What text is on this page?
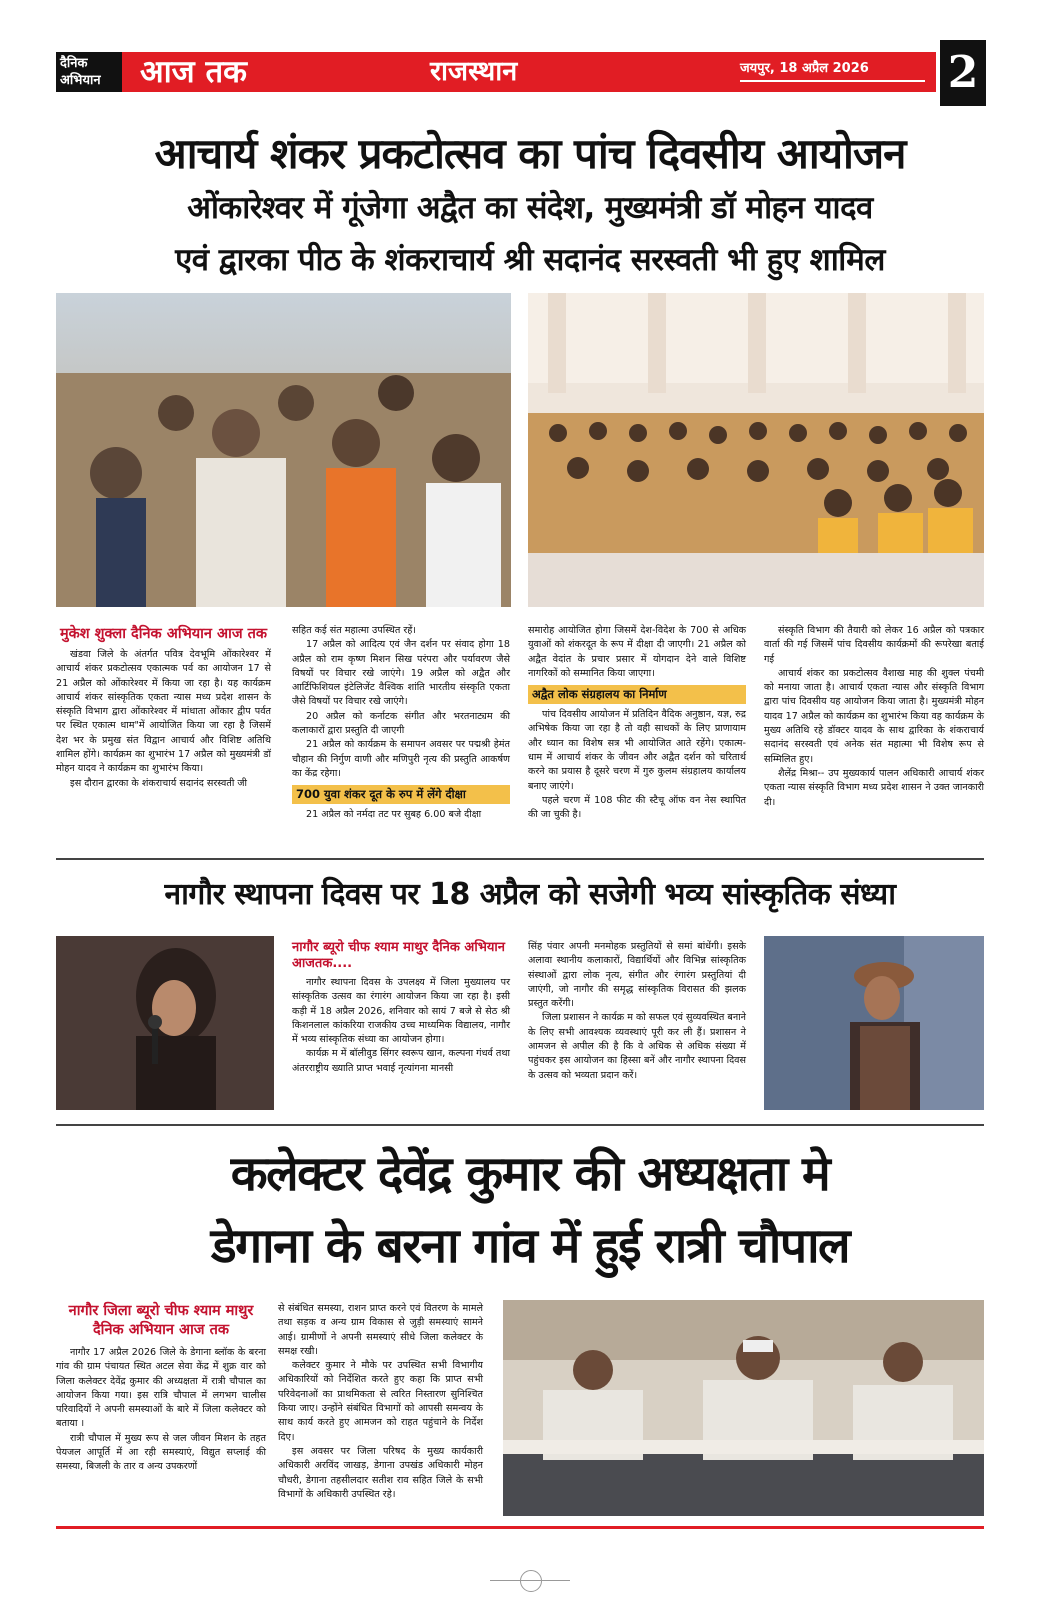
दैनिक
अभियान	आज तक	राजस्थान	जयपुर, 18 अप्रैल 2026 2
आचार्य शंकर प्रकटोत्सव का पांच दिवसीय आयोजन
ओंकारेश्वर में गूंजेगा अद्वैत का संदेश, मुख्यमंत्री डॉ मोहन यादव
एवं द्वारका पीठ के शंकराचार्य श्री सदानंद सरस्वती भी हुए शामिल
मुकेश शुक्ला दैनिक अभियान आज तक

खंडवा जिले के अंतर्गत पवित्र देवभूमि ओंकारेश्वर में आचार्य शंकर प्रकटोत्सव एकात्मक पर्व का आयोजन 17 से 21 अप्रैल को ओंकारेश्वर में किया जा रहा है। यह कार्यक्रम आचार्य शंकर सांस्कृतिक एकता न्यास मध्य प्रदेश शासन के संस्कृति विभाग द्वारा ओंकारेश्वर में मांधाता ओंकार द्वीप पर्वत पर स्थित एकात्म धाम"में आयोजित किया जा रहा है जिसमें देश भर के प्रमुख संत विद्वान आचार्य और विशिष्ट अतिथि शामिल होंगे। कार्यक्रम का शुभारंभ 17 अप्रैल को मुख्यमंत्री डॉ मोहन यादव ने कार्यक्रम का शुभारंभ किया।

इस दौरान द्वारका के शंकराचार्य सदानंद सरस्वती जी

सहित कई संत महात्मा उपस्थित रहें।

17 अप्रैल को आदित्य एवं जैन दर्शन पर संवाद होगा 18 अप्रैल को राम कृष्ण मिशन सिख परंपरा और पर्यावरण जैसे विषयों पर विचार रखे जाएंगे। 19 अप्रैल को अद्वैत और आर्टिफिशियल इंटेलिजेंट वैश्विक शांति भारतीय संस्कृति एकता जैसे विषयों पर विचार रखे जाएंगे।

20 अप्रैल को कर्नाटक संगीत और भरतनाट्यम की कलाकारों द्वारा प्रस्तुति दी जाएगी

21 अप्रैल को कार्यक्रम के समापन अवसर पर पद्मश्री हेमंत चौहान की निर्गुण वाणी और मणिपुरी नृत्य की प्रस्तुति आकर्षण का केंद्र रहेगा।

700 युवा शंकर दूत के रुप में लेंगे दीक्षा

21 अप्रैल को नर्मदा तट पर सुबह 6.00 बजे दीक्षा

समारोह आयोजित होगा जिसमें देश-विदेश के 700 से अधिक युवाओं को शंकरदूत के रूप में दीक्षा दी जाएगी। 21 अप्रैल को अद्वैत वेदांत के प्रचार प्रसार में योगदान देने वाले विशिष्ट नागरिकों को सम्मानित किया जाएगा।

अद्वैत लोक संग्रहालय का निर्माण

पांच दिवसीय आयोजन में प्रतिदिन वैदिक अनुष्ठान, यज्ञ, रुद्र अभिषेक किया जा रहा है तो वही साधकों के लिए प्राणायाम और ध्यान का विशेष सत्र भी आयोजित आते रहेंगे। एकात्म- धाम में आचार्य शंकर के जीवन और अद्वैत दर्शन को चरितार्थ करने का प्रयास है दूसरे चरण में गुरु कुलम संग्रहालय कार्यालय बनाए जाएंगे।

पहले चरण में 108 फीट की स्टैचू ऑफ वन नेस स्थापित की जा चुकी है।

संस्कृति विभाग की तैयारी को लेकर 16 अप्रैल को पत्रकार वार्ता की गई जिसमें पांच दिवसीय कार्यक्रमों की रूपरेखा बताई गई

आचार्य शंकर का प्रकटोत्सव वैशाख माह की शुक्ल पंचमी को मनाया जाता है। आचार्य एकता न्यास और संस्कृति विभाग द्वारा पांच दिवसीय यह आयोजन किया जाता है। मुख्यमंत्री मोहन यादव 17 अप्रैल को कार्यक्रम का शुभारंभ किया वह कार्यक्रम के मुख्य अतिथि रहे डॉक्टर यादव के साथ द्वारिका के शंकराचार्य सदानंद सरस्वती एवं अनेक संत महात्मा भी विशेष रूप से सम्मिलित हुए।

शैलेंद्र मिश्रा-- उप मुख्यकार्य पालन अधिकारी आचार्य शंकर एकता न्यास संस्कृति विभाग मध्य प्रदेश शासन ने उक्त जानकारी दी।

नागौर स्थापना दिवस पर 18 अप्रैल को सजेगी भव्य सांस्कृतिक संध्या
नागौर ब्यूरो चीफ श्याम माथुर दैनिक अभियान आजतक....

नागौर स्थापना दिवस के उपलक्ष्य में जिला मुख्यालय पर सांस्कृतिक उत्सव का रंगारंग आयोजन किया जा रहा है। इसी कड़ी में 18 अप्रैल 2026, शनिवार को सायं 7 बजे से सेठ श्री किशनलाल कांकरिया राजकीय उच्च माध्यमिक विद्यालय, नागौर में भव्य सांस्कृतिक संध्या का आयोजन होगा।

कार्यक्र म में बॉलीवुड सिंगर स्वरूप खान, कल्पना गंधर्व तथा अंतरराष्ट्रीय ख्याति प्राप्त भवाई नृत्यांगना मानसी

सिंह पंवार अपनी मनमोहक प्रस्तुतियों से समां बांधेंगी। इसके अलावा स्थानीय कलाकारों, विद्यार्थियों और विभिन्न सांस्कृतिक संस्थाओं द्वारा लोक नृत्य, संगीत और रंगारंग प्रस्तुतियां दी जाएंगी, जो नागौर की समृद्ध सांस्कृतिक विरासत की झलक प्रस्तुत करेंगी।

जिला प्रशासन ने कार्यक्र म को सफल एवं सुव्यवस्थित बनाने के लिए सभी आवश्यक व्यवस्थाएं पूरी कर ली हैं। प्रशासन ने आमजन से अपील की है कि वे अधिक से अधिक संख्या में पहुंचकर इस आयोजन का हिस्सा बनें और नागौर स्थापना दिवस के उत्सव को भव्यता प्रदान करें।

कलेक्टर देवेंद्र कुमार की अध्यक्षता मे
डेगाना के बरना गांव में हुई रात्री चौपाल
नागौर जिला ब्यूरो चीफ श्याम माथुर दैनिक अभियान आज तक

नागौर 17 अप्रैल 2026 जिले के डेगाना ब्लॉक के बरना गांव की ग्राम पंचायत स्थित अटल सेवा केंद्र में शुक्र वार को जिला कलेक्टर देवेंद्र कुमार की अध्यक्षता में रात्री चौपाल का आयोजन किया गया। इस रात्रि चौपाल में लगभग चालीस परिवादियों ने अपनी समस्याओं के बारे में जिला कलेक्टर को बताया ।

रात्री चौपाल में मुख्य रूप से जल जीवन मिशन के तहत पेयजल आपूर्ति में आ रही समस्याएं, विद्युत सप्लाई की समस्या, बिजली के तार व अन्य उपकरणों

से संबंधित समस्या, राशन प्राप्त करने एवं वितरण के मामले तथा सड़क व अन्य ग्राम विकास से जुड़ी समस्याएं सामने आई। ग्रामीणों ने अपनी समस्याएं सीधे जिला कलेक्टर के समक्ष रखी।

कलेक्टर कुमार ने मौके पर उपस्थित सभी विभागीय अधिकारियों को निर्देशित करते हुए कहा कि प्राप्त सभी परिवेदनाओं का प्राथमिकता से त्वरित निस्तारण सुनिश्चित किया जाए। उन्होंने संबंधित विभागों को आपसी समन्वय के साथ कार्य करते हुए आमजन को राहत पहुंचाने के निर्देश दिए।

इस अवसर पर जिला परिषद के मुख्य कार्यकारी अधिकारी अरविंद जाखड़, डेगाना उपखंड अधिकारी मोहन चौधरी, डेगाना तहसीलदार सतीश राव सहित जिले के सभी विभागों के अधिकारी उपस्थित रहे।
